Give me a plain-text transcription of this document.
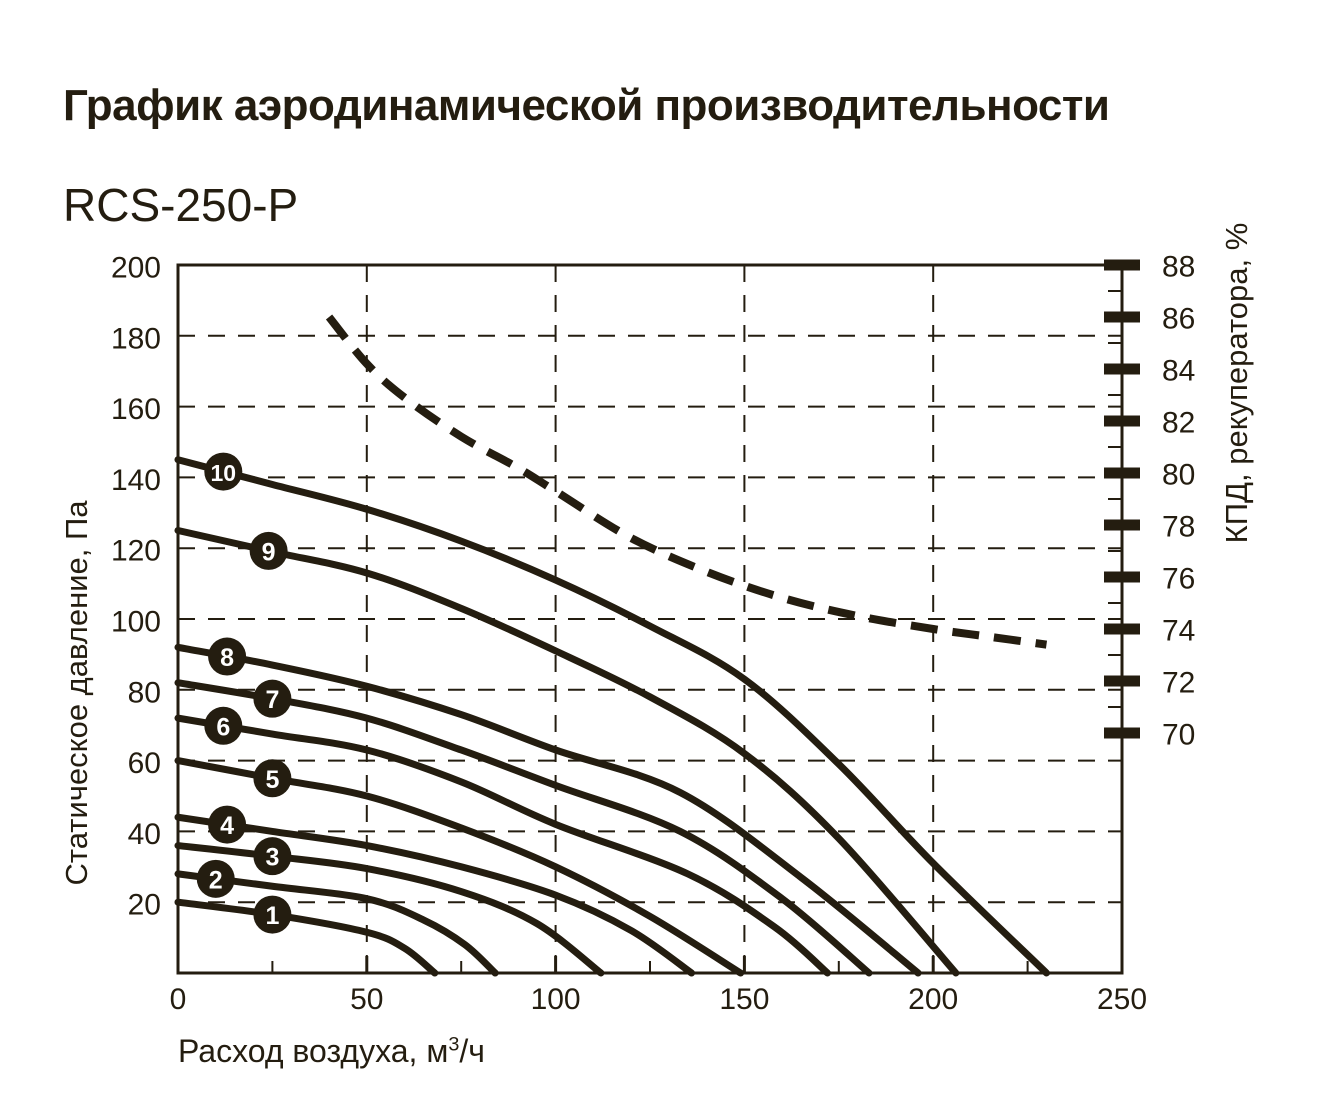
График аэродинамической производительности
RCS-250-P
Статическое давление, Па
КПД, рекуператора, %
Расход воздуха, $м^3/ч$
1
2
3
4
5
6
7
8
9
10
0	50	100	150	200	250
20
40
60
80
100
120
140
160
180
200	88
86
84
82
80
78
76
74
72
70
